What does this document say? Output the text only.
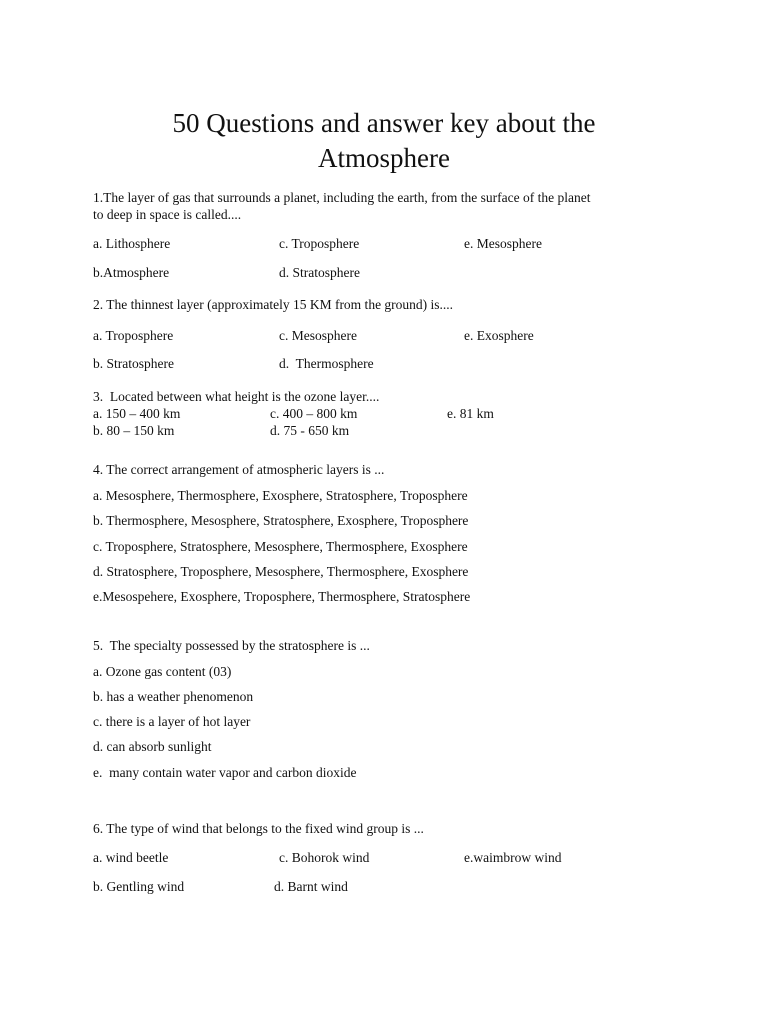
50 Questions and answer key about the
Atmosphere
1.The layer of gas that surrounds a planet, including the earth, from the surface of the planet
to deep in space is called....
a. Lithosphere	c. Troposphere	e. Mesosphere
b.Atmosphere	d. Stratosphere
2. The thinnest layer (approximately 15 KM from the ground) is....
a. Troposphere	c. Mesosphere	e. Exosphere
b. Stratosphere	d.  Thermosphere
3.  Located between what height is the ozone layer....
a. 150 – 400 km	c. 400 – 800 km	e. 81 km
b. 80 – 150 km	d. 75 - 650 km
4. The correct arrangement of atmospheric layers is ...
a. Mesosphere, Thermosphere, Exosphere, Stratosphere, Troposphere
b. Thermosphere, Mesosphere, Stratosphere, Exosphere, Troposphere
c. Troposphere, Stratosphere, Mesosphere, Thermosphere, Exosphere
d. Stratosphere, Troposphere, Mesosphere, Thermosphere, Exosphere
e.Mesospehere, Exosphere, Troposphere, Thermosphere, Stratosphere
5.  The specialty possessed by the stratosphere is ...
a. Ozone gas content (03)
b. has a weather phenomenon
c. there is a layer of hot layer
d. can absorb sunlight
e.  many contain water vapor and carbon dioxide
6. The type of wind that belongs to the fixed wind group is ...
a. wind beetle	c. Bohorok wind	e.waimbrow wind
b. Gentling wind	d. Barnt wind
